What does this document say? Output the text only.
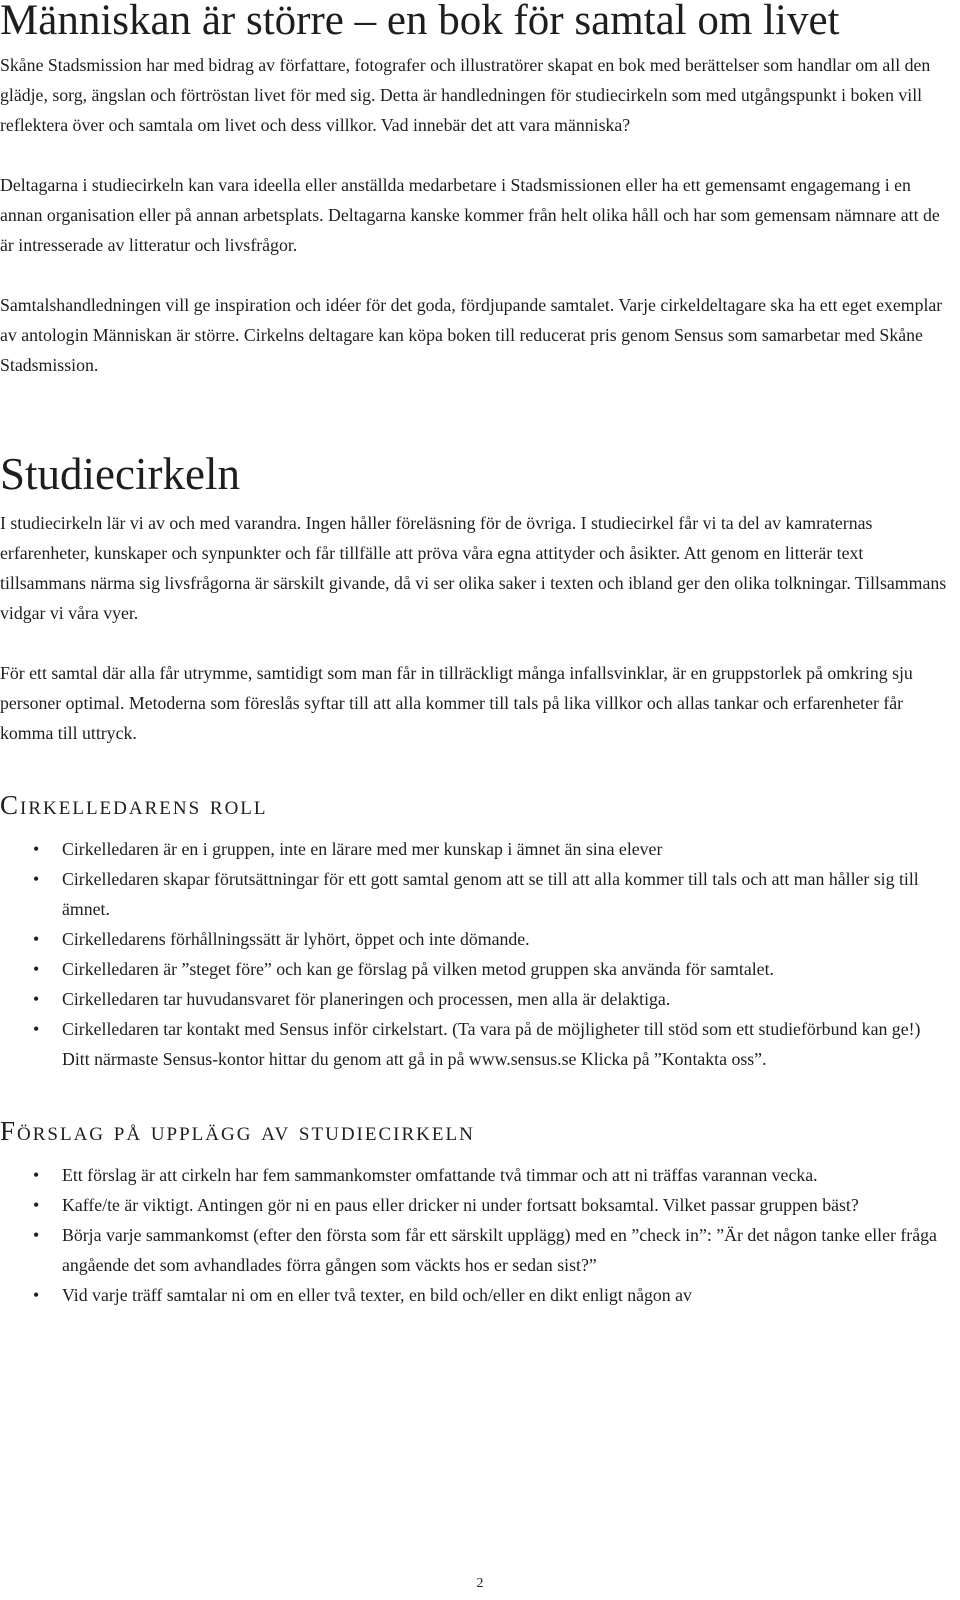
Människan är större – en bok för samtal om livet

Skåne Stadsmission har med bidrag av författare, fotografer och illustratörer skapat en bok med berättelser som handlar om all den glädje, sorg, ängslan och förtröstan livet för med sig. Detta är handledningen för studiecirkeln som med utgångspunkt i boken vill reflektera över och samtala om livet och dess villkor. Vad innebär det att vara människa?

Deltagarna i studiecirkeln kan vara ideella eller anställda medarbetare i Stadsmissionen eller ha ett gemensamt engagemang i en annan organisation eller på annan arbetsplats. Deltagarna kanske kommer från helt olika håll och har som gemensam nämnare att de är intresserade av litteratur och livsfrågor.

Samtalshandledningen vill ge inspiration och idéer för det goda, fördjupande samtalet. Varje cirkeldeltagare ska ha ett eget exemplar av antologin Människan är större. Cirkelns deltagare kan köpa boken till reducerat pris genom Sensus som samarbetar med Skåne Stadsmission.

Studiecirkeln

I studiecirkeln lär vi av och med varandra. Ingen håller föreläsning för de övriga. I studiecirkel får vi ta del av kamraternas erfarenheter, kunskaper och synpunkter och får tillfälle att pröva våra egna attityder och åsikter. Att genom en litterär text tillsammans närma sig livsfrågorna är särskilt givande, då vi ser olika saker i texten och ibland ger den olika tolkningar. Tillsammans vidgar vi våra vyer.

För ett samtal där alla får utrymme, samtidigt som man får in tillräckligt många infallsvinklar, är en gruppstorlek på omkring sju personer optimal. Metoderna som föreslås syftar till att alla kommer till tals på lika villkor och allas tankar och erfarenheter får komma till uttryck.

Cirkelledarens roll
• Cirkelledaren är en i gruppen, inte en lärare med mer kunskap i ämnet än sina elever
• Cirkelledaren skapar förutsättningar för ett gott samtal genom att se till att alla kommer till tals och att man håller sig till ämnet.
• Cirkelledarens förhållningssätt är lyhört, öppet och inte dömande.
• Cirkelledaren är ”steget före” och kan ge förslag på vilken metod gruppen ska använda för samtalet.
• Cirkelledaren tar huvudansvaret för planeringen och processen, men alla är delaktiga.
• Cirkelledaren tar kontakt med Sensus inför cirkelstart. (Ta vara på de möjligheter till stöd som ett studieförbund kan ge!) Ditt närmaste Sensus-kontor hittar du genom att gå in på www.sensus.se Klicka på ”Kontakta oss”.
Förslag på upplägg av studiecirkeln
• Ett förslag är att cirkeln har fem sammankomster omfattande två timmar och att ni träffas varannan vecka.
• Kaffe/te är viktigt. Antingen gör ni en paus eller dricker ni under fortsatt boksamtal. Vilket passar gruppen bäst?
• Börja varje sammankomst (efter den första som får ett särskilt upplägg) med en ”check in”: ”Är det någon tanke eller fråga angående det som avhandlades förra gången som väckts hos er sedan sist?”
• Vid varje träff samtalar ni om en eller två texter, en bild och/eller en dikt enligt någon av
2
